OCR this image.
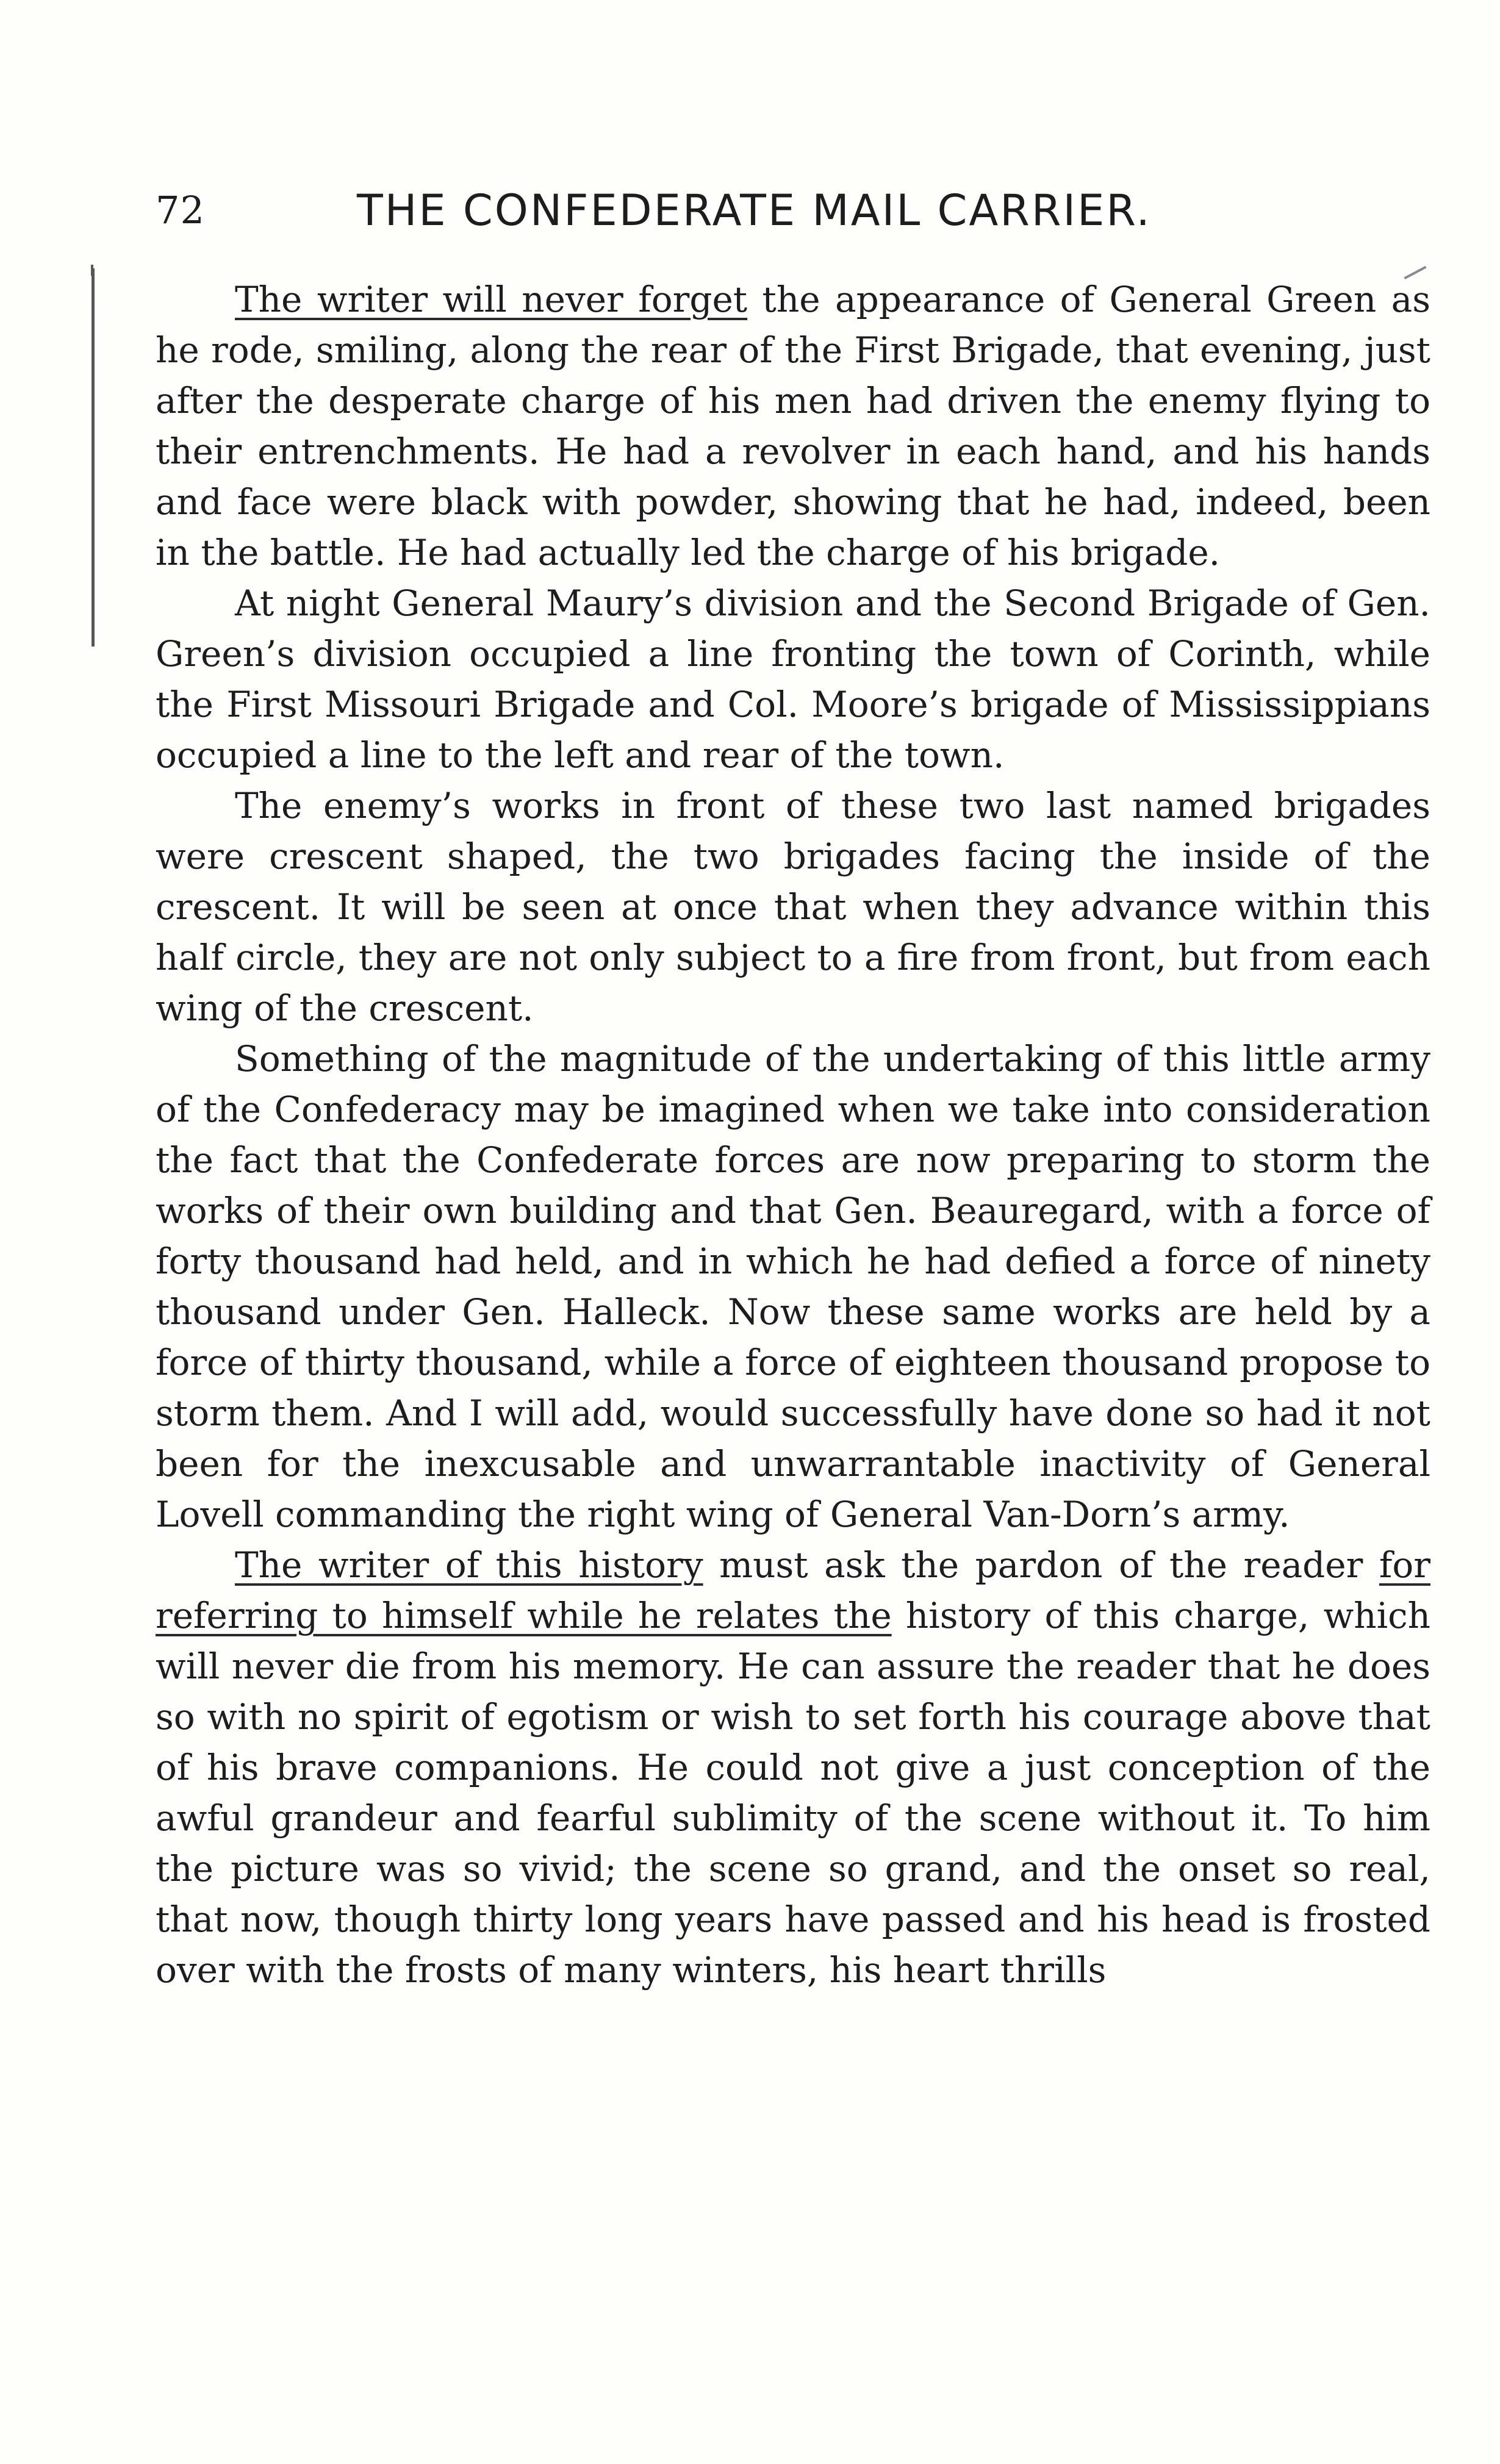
72	THE CONFEDERATE MAIL CARRIER.

The writer will never forget the appearance of General Green as he rode, smiling, along the rear of the First Brigade, that evening, just after the desperate charge of his men had driven the enemy flying to their entrenchments. He had a revolver in each hand, and his hands and face were black with powder, showing that he had, indeed, been in the battle. He had actually led the charge of his brigade.

At night General Maury’s division and the Second Brigade of Gen. Green’s division occupied a line fronting the town of Corinth, while the First Missouri Brigade and Col. Moore’s brigade of Mississippians occupied a line to the left and rear of the town.

The enemy’s works in front of these two last named brigades were crescent shaped, the two brigades facing the inside of the crescent. It will be seen at once that when they advance within this half circle, they are not only subject to a fire from front, but from each wing of the crescent.

Something of the magnitude of the undertaking of this little army of the Confederacy may be imagined when we take into consideration the fact that the Confederate forces are now preparing to storm the works of their own building and that Gen. Beauregard, with a force of forty thousand had held, and in which he had defied a force of ninety thousand under Gen. Halleck. Now these same works are held by a force of thirty thousand, while a force of eighteen thousand propose to storm them. And I will add, would successfully have done so had it not been for the inexcusable and unwarrantable inactivity of General Lovell commanding the right wing of General Van-Dorn’s army.

The writer of this history must ask the pardon of the reader for referring to himself while he relates the history of this charge, which will never die from his memory. He can assure the reader that he does so with no spirit of egotism or wish to set forth his courage above that of his brave companions. He could not give a just conception of the awful grandeur and fearful sublimity of the scene without it. To him the picture was so vivid; the scene so grand, and the onset so real, that now, though thirty long years have passed and his head is frosted over with the frosts of many winters, his heart thrills
